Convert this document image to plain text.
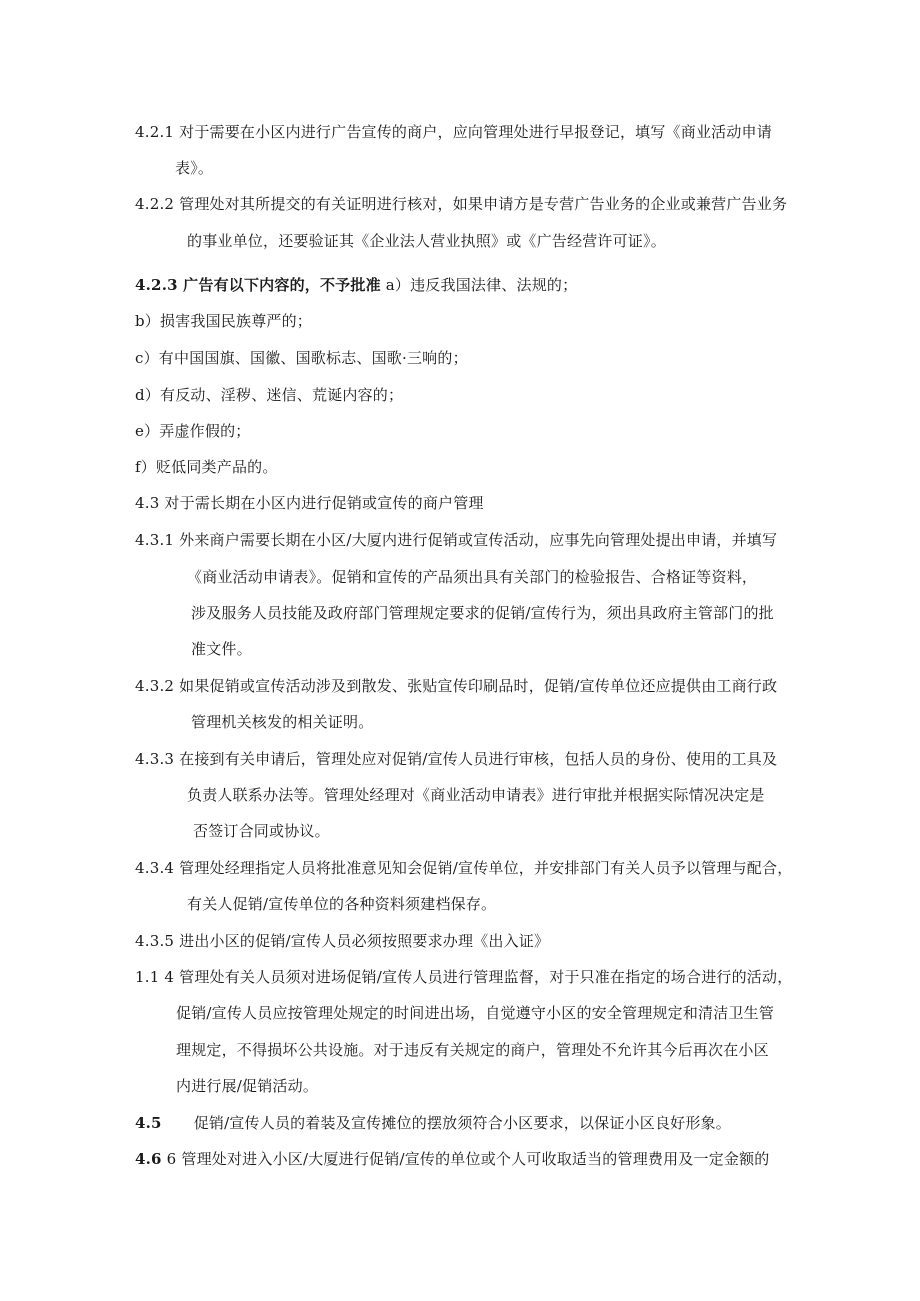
4.2.1 对于需要在小区内进行广告宣传的商户，应向管理处进行早报登记，填写《商业活动申请
表》。
4.2.2 管理处对其所提交的有关证明进行核对，如果申请方是专营广告业务的企业或兼营广告业务
的事业单位，还要验证其《企业法人营业执照》或《广告经营许可证》。
4.2.3 广告有以下内容的，不予批准 a）违反我国法律、法规的；
b）损害我国民族尊严的；
c）有中国国旗、国徽、国歌标志、国歌·三响的；
d）有反动、淫秽、迷信、荒诞内容的；
e）弄虚作假的；
f）贬低同类产品的。
4.3 对于需长期在小区内进行促销或宣传的商户管理
4.3.1 外来商户需要长期在小区/大厦内进行促销或宣传活动，应事先向管理处提出申请，并填写
《商业活动申请表》。促销和宣传的产品须出具有关部门的检验报告、合格证等资料，
涉及服务人员技能及政府部门管理规定要求的促销/宣传行为，须出具政府主管部门的批
准文件。
4.3.2 如果促销或宣传活动涉及到散发、张贴宣传印刷品时，促销/宣传单位还应提供由工商行政
管理机关核发的相关证明。
4.3.3 在接到有关申请后，管理处应对促销/宣传人员进行审核，包括人员的身份、使用的工具及
负责人联系办法等。管理处经理对《商业活动申请表》进行审批并根据实际情况决定是
否签订合同或协议。
4.3.4 管理处经理指定人员将批准意见知会促销/宣传单位，并安排部门有关人员予以管理与配合，
有关人促销/宣传单位的各种资料须建档保存。
4.3.5 进出小区的促销/宣传人员必须按照要求办理《出入证》
1.1 4 管理处有关人员须对进场促销/宣传人员进行管理监督，对于只准在指定的场合进行的活动，
促销/宣传人员应按管理处规定的时间进出场，自觉遵守小区的安全管理规定和清洁卫生管
理规定，不得损坏公共设施。对于违反有关规定的商户，管理处不允许其今后再次在小区
内进行展/促销活动。
4.5 促销/宣传人员的着装及宣传摊位的摆放须符合小区要求，以保证小区良好形象。
4.6 6 管理处对进入小区/大厦进行促销/宣传的单位或个人可收取适当的管理费用及一定金额的
